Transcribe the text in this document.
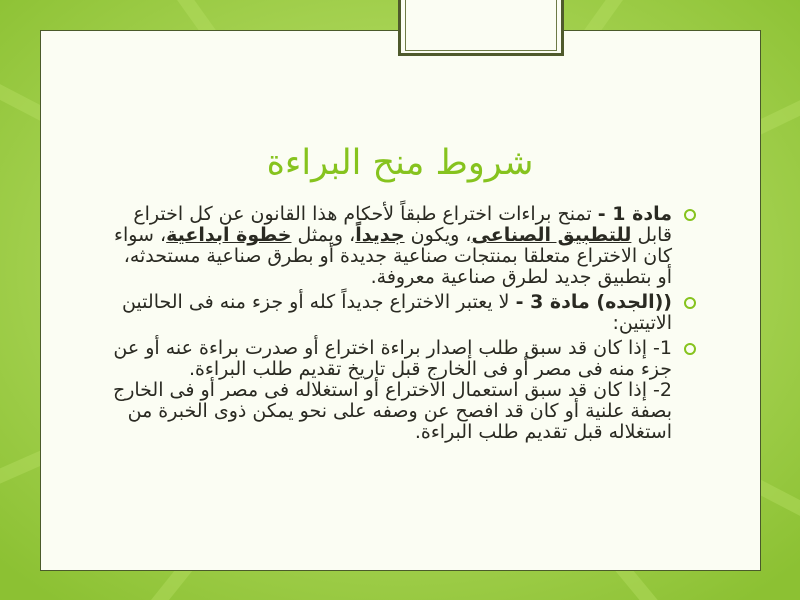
شروط منح البراءة
مادة 1 - تمنح براءات اختراع طبقاً لأحكام هذا القانون عن كل اختراع قابل للتطبيق الصناعى، ويكون جديداً، ويمثل خطوة ابداعية، سواء كان الاختراع متعلقا بمنتجات صناعية جديدة أو بطرق صناعية مستحدثه، أو بتطبيق جديد لطرق صناعية معروفة.
((الجده) مادة 3 - لا يعتبر الاختراع جديداً كله أو جزء منه فى الحالتين الاتيتين:
1- إذا كان قد سبق طلب إصدار براءة اختراع أو صدرت براءة عنه أو عن جزء منه فى مصر أو فى الخارج قبل تاريخ تقديم طلب البراءة.
2- إذا كان قد سبق استعمال الاختراع أو استغلاله فى مصر أو فى الخارج بصفة علنية أو كان قد افصح عن وصفه على نحو يمكن ذوى الخبرة من استغلاله قبل تقديم طلب البراءة.
